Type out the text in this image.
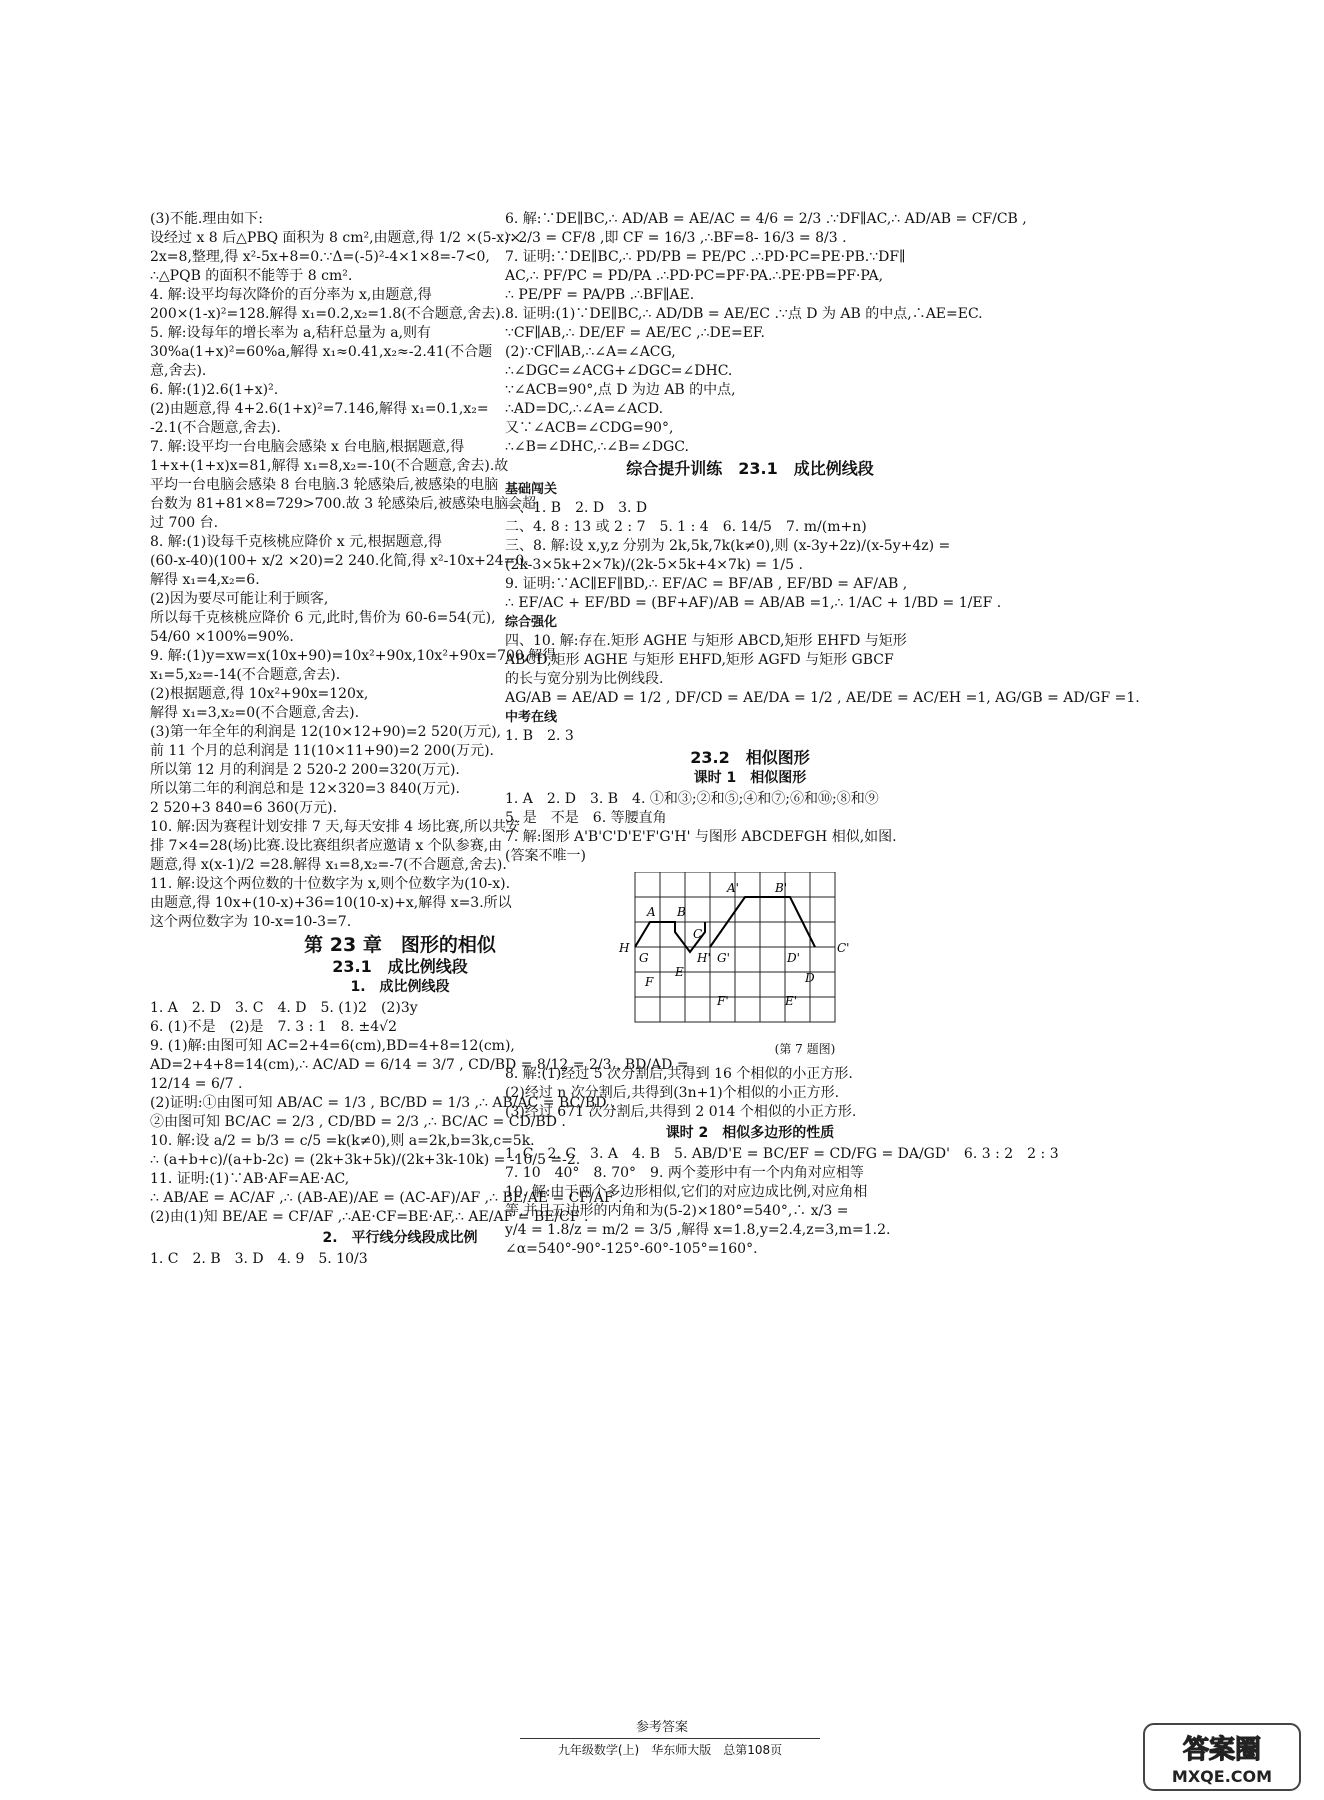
(3)不能.理由如下:
设经过 x 8 后△PBQ 面积为 8 cm²,由题意,得 1/2 ×(5-x)×
2x=8,整理,得 x²-5x+8=0.∵Δ=(-5)²-4×1×8=-7<0,
∴△PQB 的面积不能等于 8 cm².
4. 解:设平均每次降价的百分率为 x,由题意,得
200×(1-x)²=128.解得 x₁=0.2,x₂=1.8(不合题意,舍去).
5. 解:设每年的增长率为 a,秸秆总量为 a,则有
30%a(1+x)²=60%a,解得 x₁≈0.41,x₂≈-2.41(不合题
意,舍去).
6. 解:(1)2.6(1+x)².
(2)由题意,得 4+2.6(1+x)²=7.146,解得 x₁=0.1,x₂=
-2.1(不合题意,舍去).
7. 解:设平均一台电脑会感染 x 台电脑,根据题意,得
1+x+(1+x)x=81,解得 x₁=8,x₂=-10(不合题意,舍去).故
平均一台电脑会感染 8 台电脑.3 轮感染后,被感染的电脑
台数为 81+81×8=729>700.故 3 轮感染后,被感染电脑会超
过 700 台.
8. 解:(1)设每千克核桃应降价 x 元,根据题意,得
(60-x-40)(100+ x/2 ×20)=2 240.化简,得 x²-10x+24=0.
解得 x₁=4,x₂=6.
(2)因为要尽可能让利于顾客,
所以每千克核桃应降价 6 元,此时,售价为 60-6=54(元),
54/60 ×100%=90%.
9. 解:(1)y=xw=x(10x+90)=10x²+90x,10x²+90x=700,解得
x₁=5,x₂=-14(不合题意,舍去).
(2)根据题意,得 10x²+90x=120x,
解得 x₁=3,x₂=0(不合题意,舍去).
(3)第一年全年的利润是 12(10×12+90)=2 520(万元),
前 11 个月的总利润是 11(10×11+90)=2 200(万元).
所以第 12 月的利润是 2 520-2 200=320(万元).
所以第二年的利润总和是 12×320=3 840(万元).
2 520+3 840=6 360(万元).
10. 解:因为赛程计划安排 7 天,每天安排 4 场比赛,所以共安
排 7×4=28(场)比赛.设比赛组织者应邀请 x 个队参赛,由
题意,得 x(x-1)/2 =28.解得 x₁=8,x₂=-7(不合题意,舍去).
11. 解:设这个两位数的十位数字为 x,则个位数字为(10-x).
由题意,得 10x+(10-x)+36=10(10-x)+x,解得 x=3.所以
这个两位数字为 10-x=10-3=7.
第 23 章　图形的相似
23.1　成比例线段
1.　成比例线段
1. A　2. D　3. C　4. D　5. (1)2　(2)3y
6. (1)不是　(2)是　7. 3 : 1　8. ±4√2
9. (1)解:由图可知 AC=2+4=6(cm),BD=4+8=12(cm),
AD=2+4+8=14(cm),∴ AC/AD = 6/14 = 3/7 , CD/BD = 8/12 = 2/3 , BD/AD =
12/14 = 6/7 .
(2)证明:①由图可知 AB/AC = 1/3 , BC/BD = 1/3 ,∴ AB/AC = BC/BD .
②由图可知 BC/AC = 2/3 , CD/BD = 2/3 ,∴ BC/AC = CD/BD .
10. 解:设 a/2 = b/3 = c/5 =k(k≠0),则 a=2k,b=3k,c=5k.
∴ (a+b+c)/(a+b-2c) = (2k+3k+5k)/(2k+3k-10k) = -10/5 =-2.
11. 证明:(1)∵AB·AF=AE·AC,
∴ AB/AE = AC/AF ,∴ (AB-AE)/AE = (AC-AF)/AF ,∴ BE/AE = CF/AF .
(2)由(1)知 BE/AE = CF/AF ,∴AE·CF=BE·AF,∴ AE/AF = BE/CF .
2.　平行线分线段成比例
1. C　2. B　3. D　4. 9　5. 10/3
6. 解:∵DE∥BC,∴ AD/AB = AE/AC = 4/6 = 2/3 .∵DF∥AC,∴ AD/AB = CF/CB ,
∴ 2/3 = CF/8 ,即 CF = 16/3 ,∴BF=8- 16/3 = 8/3 .
7. 证明:∵DE∥BC,∴ PD/PB = PE/PC .∴PD·PC=PE·PB.∵DF∥
AC,∴ PF/PC = PD/PA .∴PD·PC=PF·PA.∴PE·PB=PF·PA,
∴ PE/PF = PA/PB .∴BF∥AE.
8. 证明:(1)∵DE∥BC,∴ AD/DB = AE/EC .∵点 D 为 AB 的中点,∴AE=EC.
∵CF∥AB,∴ DE/EF = AE/EC ,∴DE=EF.
(2)∵CF∥AB,∴∠A=∠ACG,
∴∠DGC=∠ACG+∠DGC=∠DHC.
∵∠ACB=90°,点 D 为边 AB 的中点,
∴AD=DC,∴∠A=∠ACD.
又∵∠ACB=∠CDG=90°,
∴∠B=∠DHC,∴∠B=∠DGC.
综合提升训练　23.1　成比例线段
基础闯关
一、1. B　2. D　3. D
二、4. 8 : 13 或 2 : 7　5. 1 : 4　6. 14/5　7. m/(m+n)
三、8. 解:设 x,y,z 分别为 2k,5k,7k(k≠0),则 (x-3y+2z)/(x-5y+4z) =
(2k-3×5k+2×7k)/(2k-5×5k+4×7k) = 1/5 .
9. 证明:∵AC∥EF∥BD,∴ EF/AC = BF/AB , EF/BD = AF/AB ,
∴ EF/AC + EF/BD = (BF+AF)/AB = AB/AB =1,∴ 1/AC + 1/BD = 1/EF .
综合强化
四、10. 解:存在.矩形 AGHE 与矩形 ABCD,矩形 EHFD 与矩形
ABCD,矩形 AGHE 与矩形 EHFD,矩形 AGFD 与矩形 GBCF
的长与宽分别为比例线段.
AG/AB = AE/AD = 1/2 , DF/CD = AE/DA = 1/2 , AE/DE = AC/EH =1, AG/GB = AD/GF =1.
中考在线
1. B　2. 3
23.2　相似图形
课时 1　相似图形
1. A　2. D　3. B　4. ①和③;②和⑤;④和⑦;⑥和⑩;⑧和⑨
5. 是　不是　6. 等腰直角
7. 解:图形 A'B'C'D'E'F'G'H' 与图形 ABCDEFGH 相似,如图.
(答案不唯一)
A'	B'
A B
H
C
C'
G	H' G'	D'
F
E
F'	E'
D
(第 7 题图)
8. 解:(1)经过 5 次分割后,共得到 16 个相似的小正方形.
(2)经过 n 次分割后,共得到(3n+1)个相似的小正方形.
(3)经过 671 次分割后,共得到 2 014 个相似的小正方形.
课时 2　相似多边形的性质
1. C　2. C　3. A　4. B　5. AB/D'E = BC/EF = CD/FG = DA/GD'　6. 3 : 2　2 : 3
7. 10　40°　8. 70°　9. 两个菱形中有一个内角对应相等
10. 解:由于两个多边形相似,它们的对应边成比例,对应角相
等,并且五边形的内角和为(5-2)×180°=540°,∴ x/3 =
y/4 = 1.8/z = m/2 = 3/5 ,解得 x=1.8,y=2.4,z=3,m=1.2.
∠α=540°-90°-125°-60°-105°=160°.
参考答案
九年级数学(上)　华东师大版　总第108页	答案圈
MXQE.COM
